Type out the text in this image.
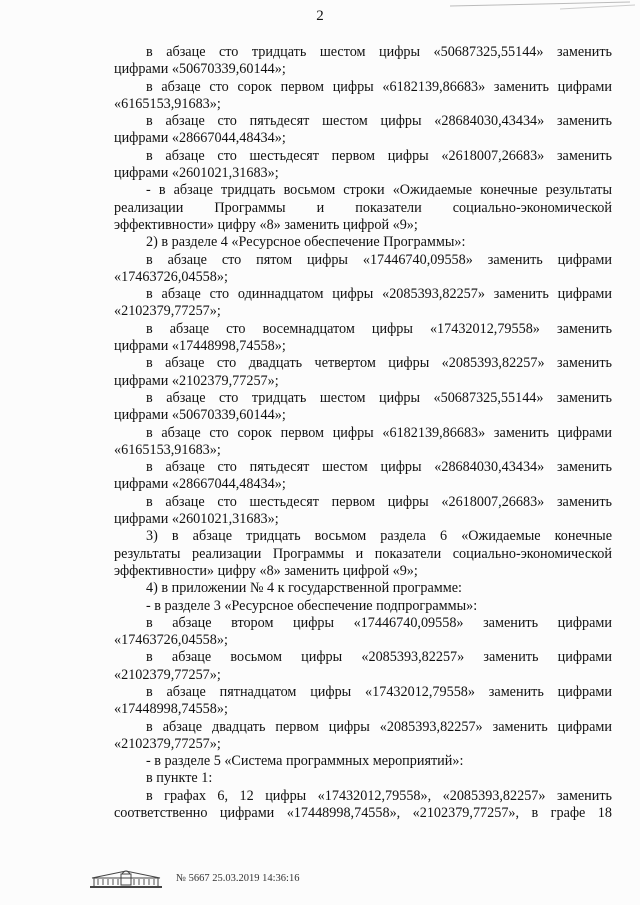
2

в абзаце сто тридцать шестом цифры «50687325,55144» заменить

цифрами «50670339,60144»;

в абзаце сто сорок первом цифры «6182139,86683» заменить цифрами

«6165153,91683»;

в абзаце сто пятьдесят шестом цифры «28684030,43434» заменить

цифрами «28667044,48434»;

в абзаце сто шестьдесят первом цифры «2618007,26683» заменить

цифрами «2601021,31683»;

- в абзаце тридцать восьмом строки «Ожидаемые конечные результаты

реализации Программы и показатели социально-экономической

эффективности» цифру «8» заменить цифрой «9»;

2) в разделе 4 «Ресурсное обеспечение Программы»:

в абзаце сто пятом цифры «17446740,09558» заменить цифрами

«17463726,04558»;

в абзаце сто одиннадцатом цифры «2085393,82257» заменить цифрами

«2102379,77257»;

в абзаце сто восемнадцатом цифры «17432012,79558» заменить

цифрами «17448998,74558»;

в абзаце сто двадцать четвертом цифры «2085393,82257» заменить

цифрами «2102379,77257»;

в абзаце сто тридцать шестом цифры «50687325,55144» заменить

цифрами «50670339,60144»;

в абзаце сто сорок первом цифры «6182139,86683» заменить цифрами

«6165153,91683»;

в абзаце сто пятьдесят шестом цифры «28684030,43434» заменить

цифрами «28667044,48434»;

в абзаце сто шестьдесят первом цифры «2618007,26683» заменить

цифрами «2601021,31683»;

3) в абзаце тридцать восьмом раздела 6 «Ожидаемые конечные

результаты реализации Программы и показатели социально-экономической

эффективности» цифру «8» заменить цифрой «9»;

4) в приложении № 4 к государственной программе:

- в разделе 3 «Ресурсное обеспечение подпрограммы»:

в абзаце втором цифры «17446740,09558» заменить цифрами

«17463726,04558»;

в абзаце восьмом цифры «2085393,82257» заменить цифрами

«2102379,77257»;

в абзаце пятнадцатом цифры «17432012,79558» заменить цифрами

«17448998,74558»;

в абзаце двадцать первом цифры «2085393,82257» заменить цифрами

«2102379,77257»;

- в разделе 5 «Система программных мероприятий»:

в пункте 1:

в графах 6, 12 цифры «17432012,79558», «2085393,82257» заменить

соответственно цифрами «17448998,74558», «2102379,77257», в графе 18

№ 5667 25.03.2019 14:36:16
